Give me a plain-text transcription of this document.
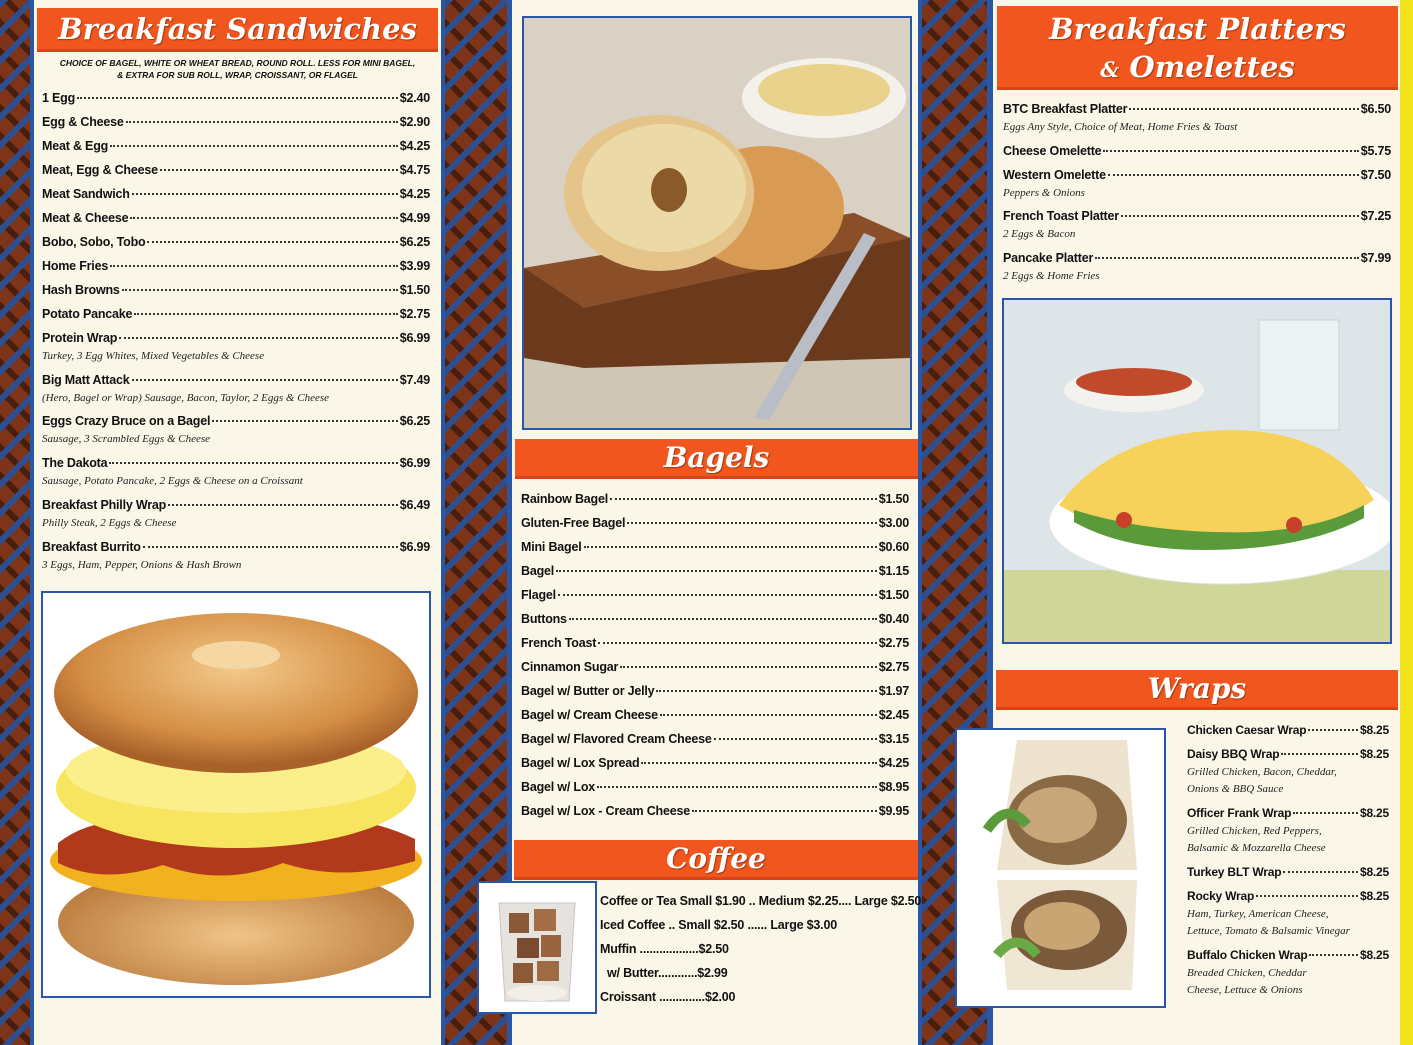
Breakfast Sandwiches
CHOICE OF BAGEL, WHITE OR WHEAT BREAD, ROUND ROLL. LESS FOR MINI BAGEL,
& EXTRA FOR SUB ROLL, WRAP, CROISSANT, OR FLAGEL
1 Egg	$2.40
Egg & Cheese	$2.90
Meat & Egg	$4.25
Meat, Egg & Cheese	$4.75
Meat Sandwich	$4.25
Meat & Cheese	$4.99
Bobo, Sobo, Tobo	$6.25
Home Fries	$3.99
Hash Browns	$1.50
Potato Pancake	$2.75
Protein Wrap	$6.99
Turkey, 3 Egg Whites, Mixed Vegetables & Cheese
Big Matt Attack	$7.49
(Hero, Bagel or Wrap) Sausage, Bacon, Taylor, 2 Eggs & Cheese
Eggs Crazy Bruce on a Bagel	$6.25
Sausage, 3 Scrambled Eggs & Cheese
The Dakota	$6.99
Sausage, Potato Pancake, 2 Eggs & Cheese on a Croissant
Breakfast Philly Wrap	$6.49
Philly Steak, 2 Eggs & Cheese
Breakfast Burrito	$6.99
3 Eggs, Ham, Pepper, Onions & Hash Brown
Bagels
Rainbow Bagel	$1.50
Gluten-Free Bagel	$3.00
Mini Bagel	$0.60
Bagel	$1.15
Flagel	$1.50
Buttons	$0.40
French Toast	$2.75
Cinnamon Sugar	$2.75
Bagel w/ Butter or Jelly	$1.97
Bagel w/ Cream Cheese	$2.45
Bagel w/ Flavored Cream Cheese	$3.15
Bagel w/ Lox Spread	$4.25
Bagel w/ Lox	$8.95
Bagel w/ Lox - Cream Cheese	$9.95
Coffee
Coffee or Tea Small $1.90 .. Medium $2.25.... Large $2.50
Iced Coffee .. Small $2.50 ...... Large $3.00
Muffin ..................$2.50
w/ Butter............$2.99
Croissant ..............$2.00
Breakfast Platters
& Omelettes
BTC Breakfast Platter	$6.50
Eggs Any Style, Choice of Meat, Home Fries & Toast
Cheese Omelette	$5.75
Western Omelette	$7.50
Peppers & Onions
French Toast Platter	$7.25
2 Eggs & Bacon
Pancake Platter	$7.99
2 Eggs & Home Fries
Wraps
Chicken Caesar Wrap	$8.25
Daisy BBQ Wrap	$8.25
Grilled Chicken, Bacon, Cheddar,
Onions & BBQ Sauce
Officer Frank Wrap	$8.25
Grilled Chicken, Red Peppers,
Balsamic & Mozzarella Cheese
Turkey BLT Wrap	$8.25
Rocky Wrap	$8.25
Ham, Turkey, American Cheese,
Lettuce, Tomato & Balsamic Vinegar
Buffalo Chicken Wrap	$8.25
Breaded Chicken, Cheddar
Cheese, Lettuce & Onions
